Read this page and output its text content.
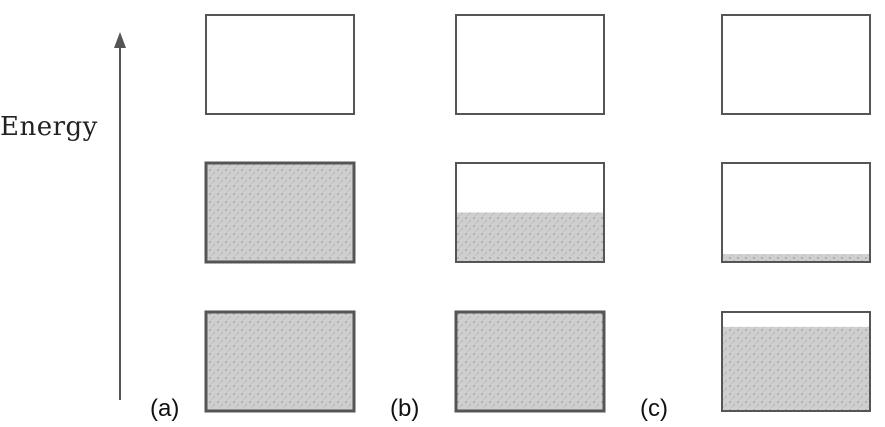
Energy
(a)	(b)	(c)
